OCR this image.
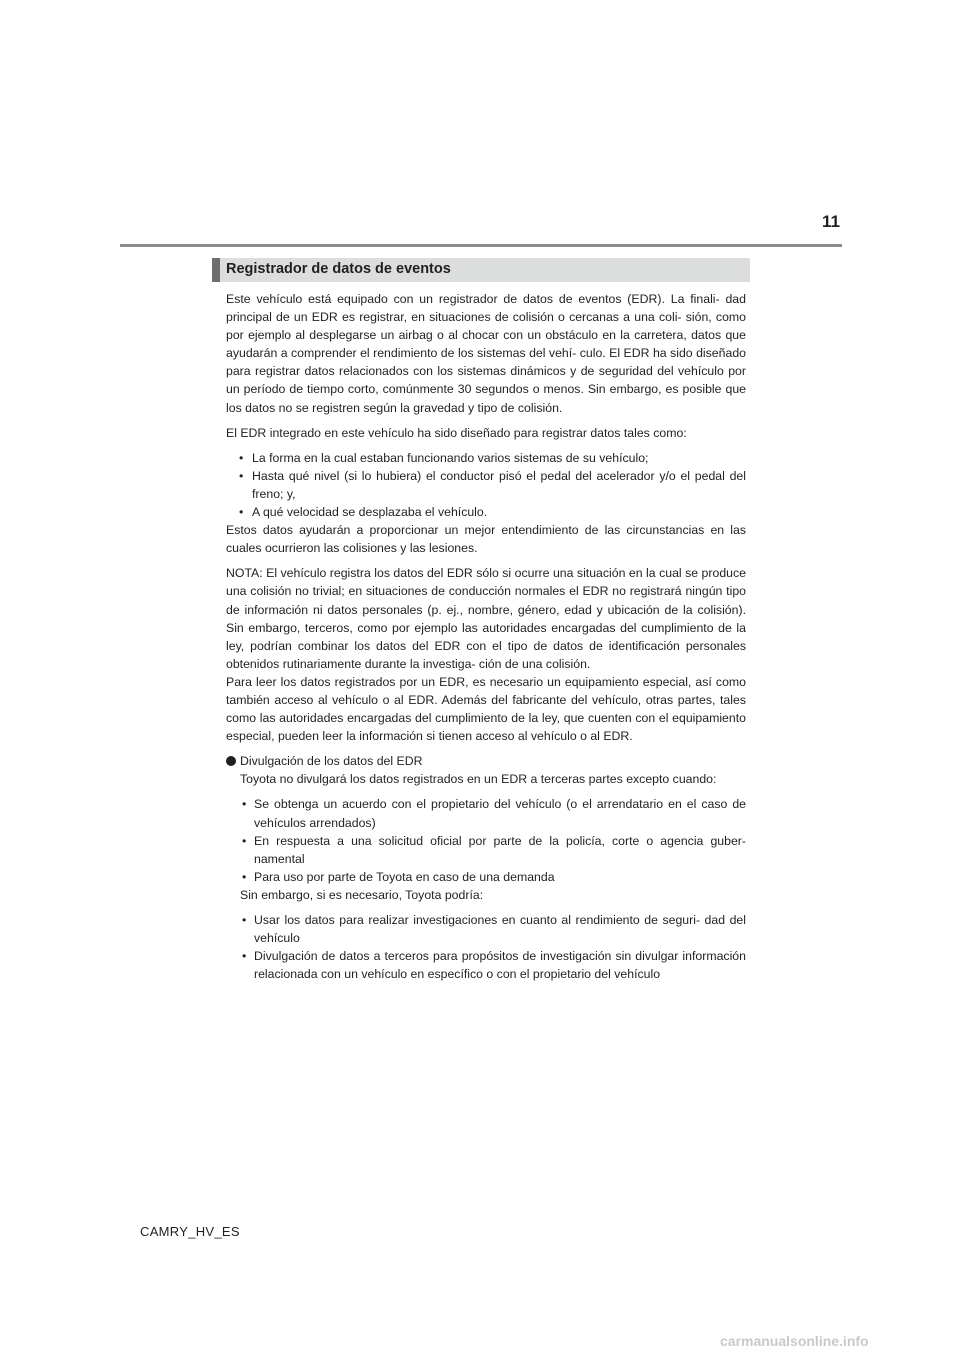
11
Registrador de datos de eventos

Este vehículo está equipado con un registrador de datos de eventos (EDR). La finali- dad principal de un EDR es registrar, en situaciones de colisión o cercanas a una coli- sión, como por ejemplo al desplegarse un airbag o al chocar con un obstáculo en la carretera, datos que ayudarán a comprender el rendimiento de los sistemas del vehí- culo. El EDR ha sido diseñado para registrar datos relacionados con los sistemas dinámicos y de seguridad del vehículo por un período de tiempo corto, comúnmente 30 segundos o menos. Sin embargo, es posible que los datos no se registren según la gravedad y tipo de colisión.

El EDR integrado en este vehículo ha sido diseñado para registrar datos tales como:

• La forma en la cual estaban funcionando varios sistemas de su vehículo;
• Hasta qué nivel (si lo hubiera) el conductor pisó el pedal del acelerador y/o el pedal del freno; y,
• A qué velocidad se desplazaba el vehículo.

Estos datos ayudarán a proporcionar un mejor entendimiento de las circunstancias en las cuales ocurrieron las colisiones y las lesiones.

NOTA: El vehículo registra los datos del EDR sólo si ocurre una situación en la cual se produce una colisión no trivial; en situaciones de conducción normales el EDR no registrará ningún tipo de información ni datos personales (p. ej., nombre, género, edad y ubicación de la colisión). Sin embargo, terceros, como por ejemplo las autoridades encargadas del cumplimiento de la ley, podrían combinar los datos del EDR con el tipo de datos de identificación personales obtenidos rutinariamente durante la investiga- ción de una colisión.

Para leer los datos registrados por un EDR, es necesario un equipamiento especial, así como también acceso al vehículo o al EDR. Además del fabricante del vehículo, otras partes, tales como las autoridades encargadas del cumplimiento de la ley, que cuenten con el equipamiento especial, pueden leer la información si tienen acceso al vehículo o al EDR.

Divulgación de los datos del EDR

Toyota no divulgará los datos registrados en un EDR a terceras partes excepto cuando:

• Se obtenga un acuerdo con el propietario del vehículo (o el arrendatario en el caso de vehículos arrendados)
• En respuesta a una solicitud oficial por parte de la policía, corte o agencia guber- namental
• Para uso por parte de Toyota en caso de una demanda

Sin embargo, si es necesario, Toyota podría:

• Usar los datos para realizar investigaciones en cuanto al rendimiento de seguri- dad del vehículo
• Divulgación de datos a terceros para propósitos de investigación sin divulgar información relacionada con un vehículo en específico o con el propietario del vehículo
CAMRY_HV_ES
carmanualsonline.info
